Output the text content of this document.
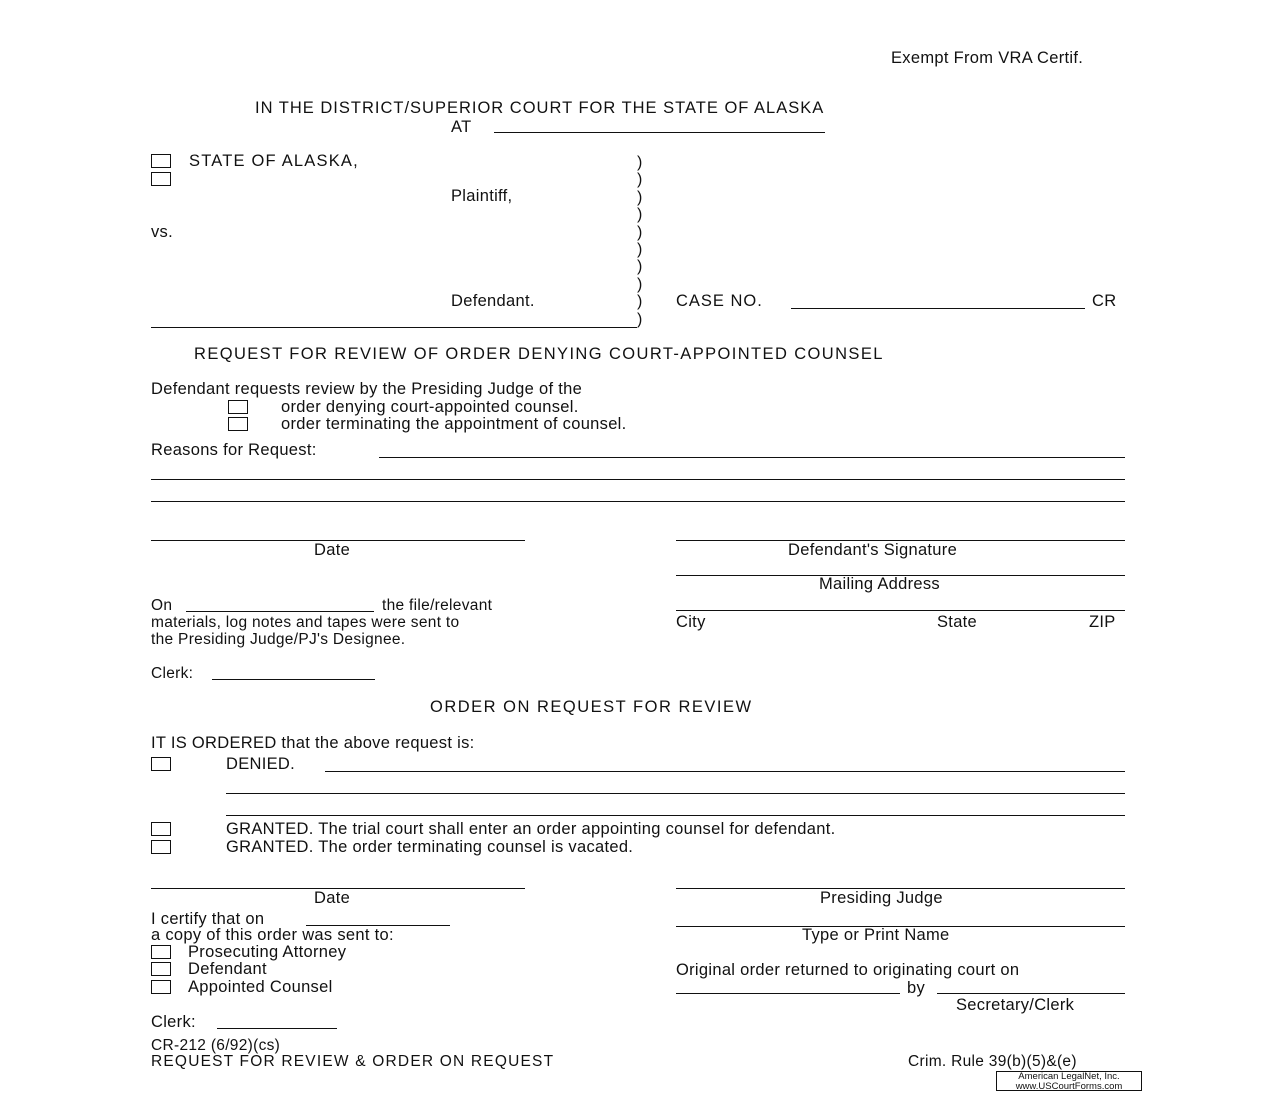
Exempt From VRA Certif.
IN THE DISTRICT/SUPERIOR COURT FOR THE STATE OF ALASKA
AT
STATE OF ALASKA,
Plaintiff,
vs.
Defendant.
)
)
)
)
)
)
)
)
)
)
CASE NO.	CR
REQUEST FOR REVIEW OF ORDER DENYING COURT-APPOINTED COUNSEL
Defendant requests review by the Presiding Judge of the
order denying court-appointed counsel.
order terminating the appointment of counsel.
Reasons for Request:
Date	Defendant's Signature
Mailing Address
City	State	ZIP
On	the file/relevant
materials, log notes and tapes were sent to
the Presiding Judge/PJ's Designee.
Clerk:
ORDER ON REQUEST FOR REVIEW
IT IS ORDERED that the above request is:
DENIED.
GRANTED. The trial court shall enter an order appointing counsel for defendant.
GRANTED. The order terminating counsel is vacated.
Date	Presiding Judge
Type or Print Name
I certify that on
a copy of this order was sent to:
Prosecuting Attorney
Defendant
Appointed Counsel
Original order returned to originating court on
by
Secretary/Clerk
Clerk:
CR-212 (6/92)(cs)
REQUEST FOR REVIEW & ORDER ON REQUEST	Crim. Rule 39(b)(5)&(e)
American LegalNet, Inc.
www.USCourtForms.com
